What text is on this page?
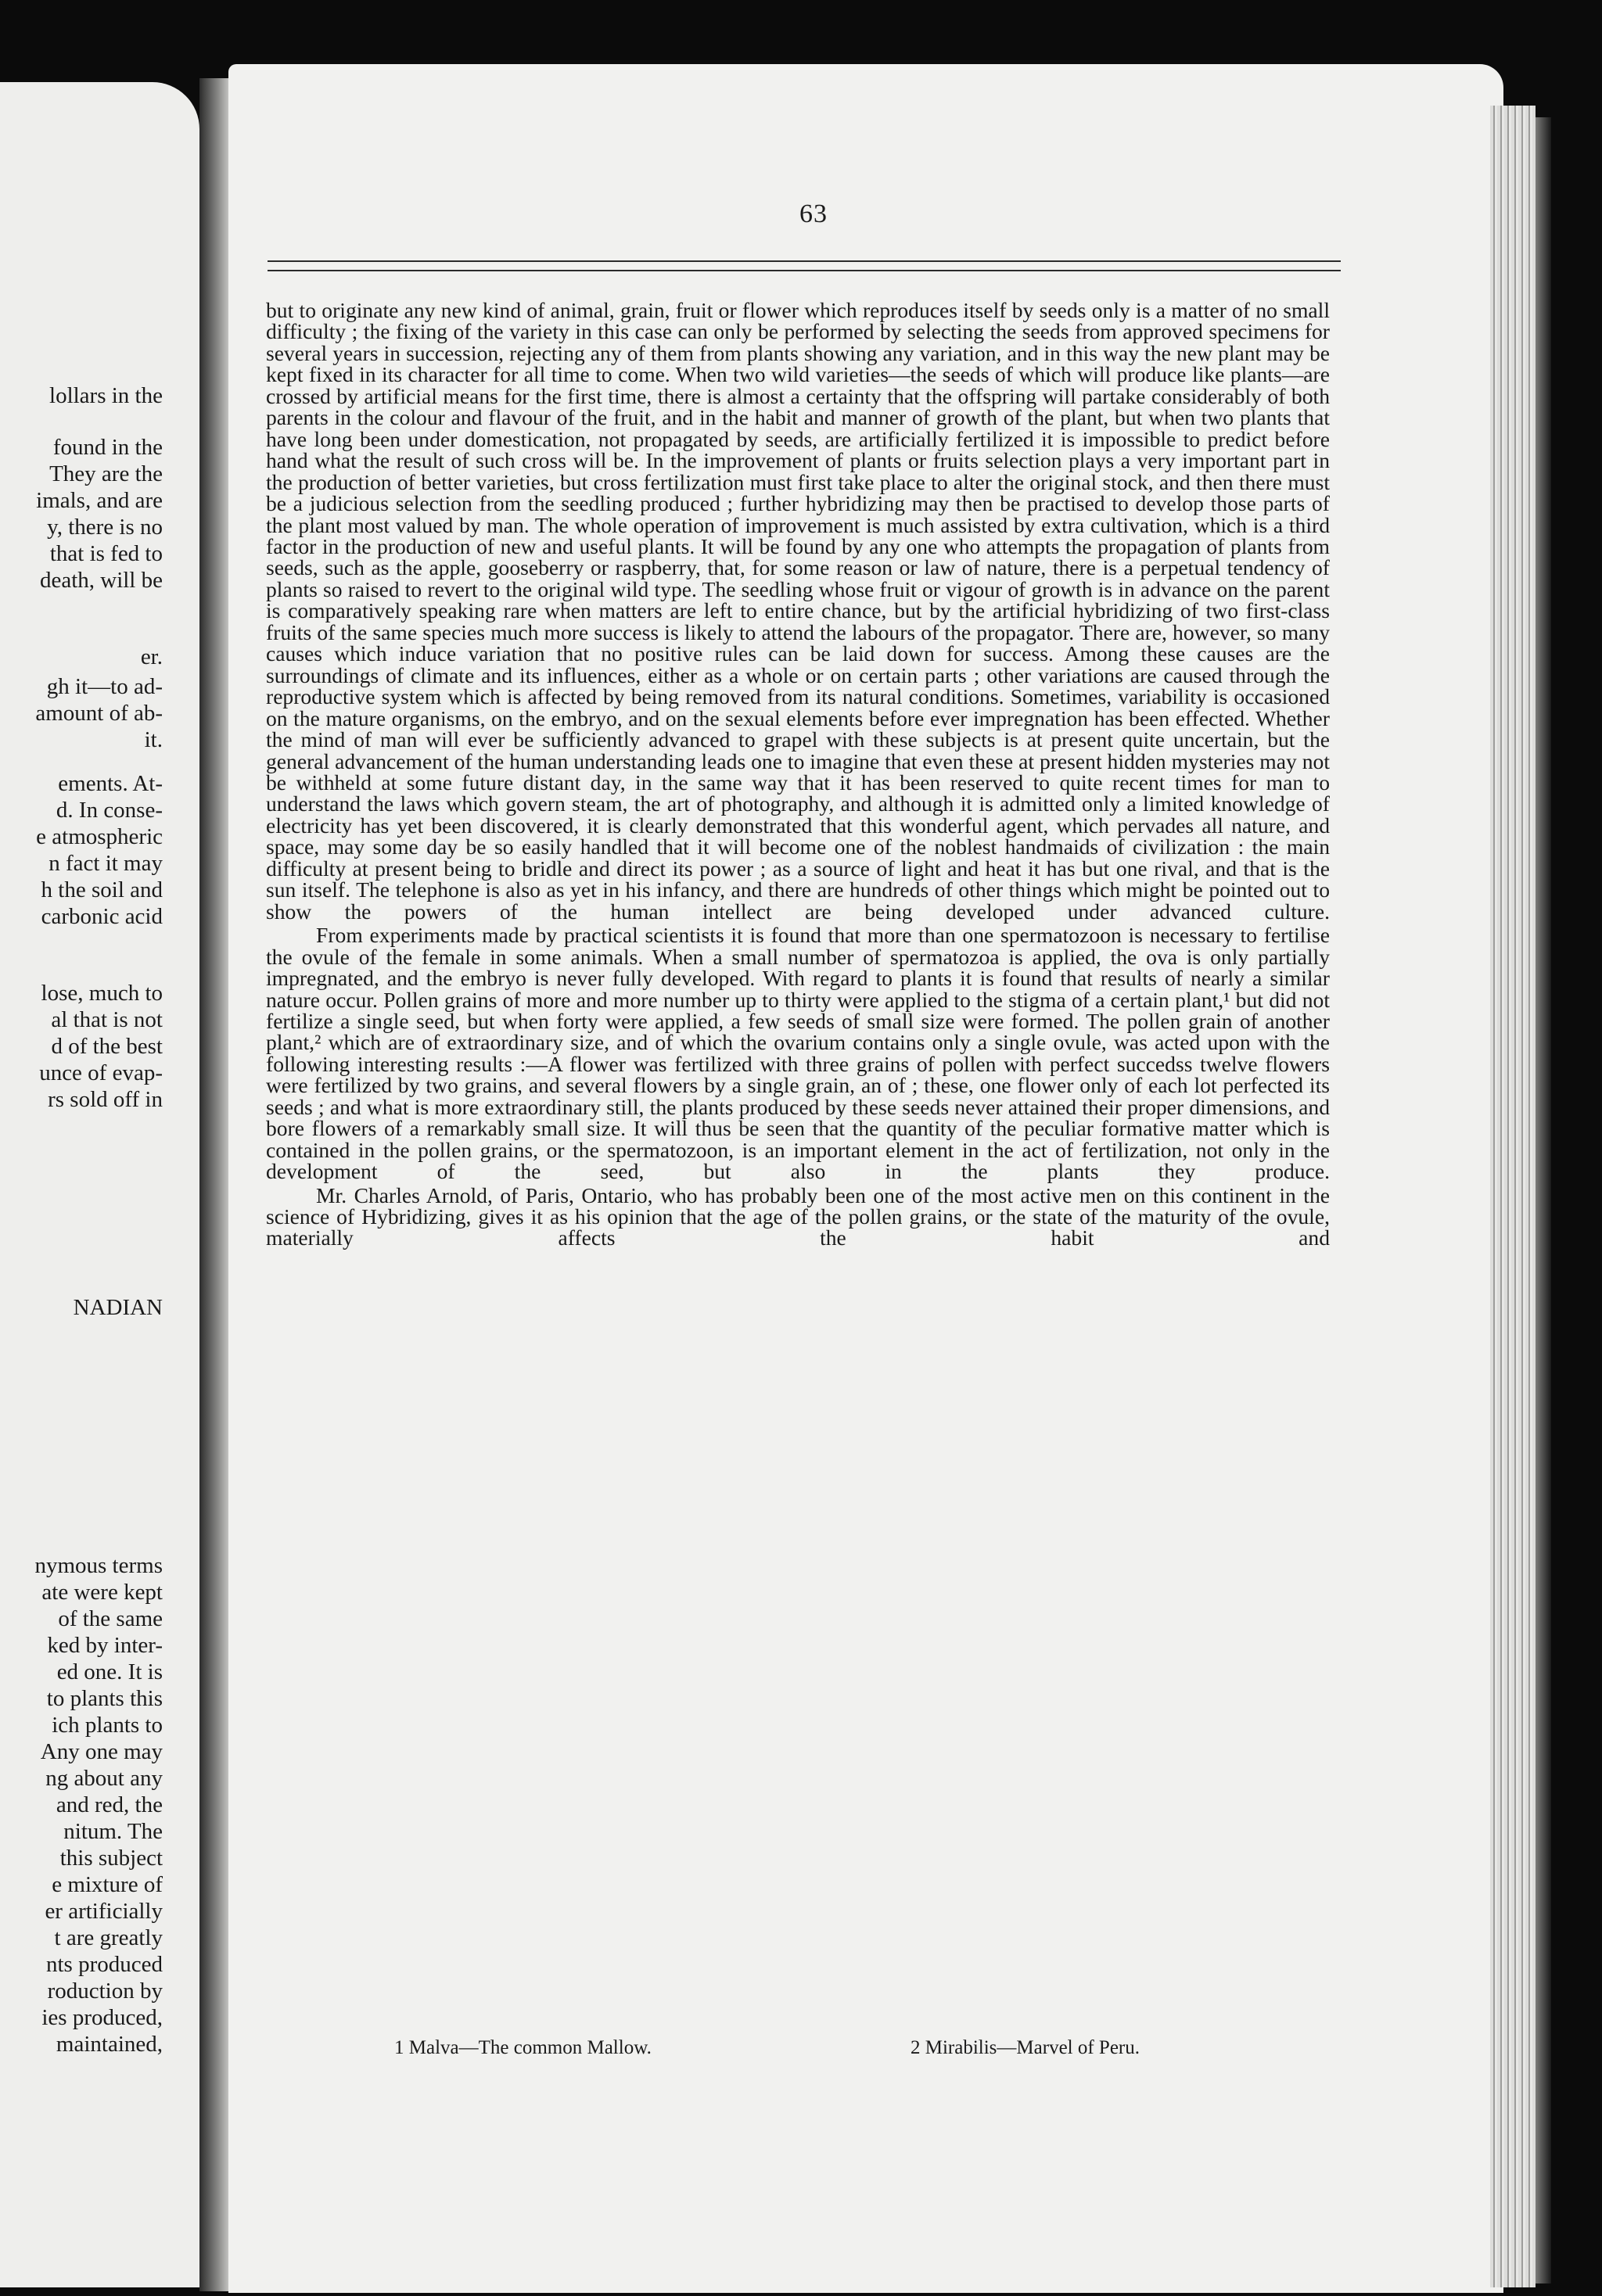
lollars in the
found in the
They are the
imals, and are
y, there is no
that is fed to
death, will be
er.
gh it—to ad-
amount of ab-
it.
ements. At-
d. In conse-
e atmospheric
n fact it may
h the soil and
carbonic acid
lose, much to
al that is not
d of the best
unce of evap-
rs sold off in
NADIAN
nymous terms
ate were kept
of the same
ked by inter-
ed one. It is
to plants this
ich plants to
Any one may
ng about any
and red, the
nitum. The
this subject
e mixture of
er artificially
t are greatly
nts produced
roduction by
ies produced,
maintained,
63

but to originate any new kind of animal, grain, fruit or flower which reproduces itself by seeds only is a matter of no small difficulty ; the fixing of the variety in this case can only be performed by selecting the seeds from approved specimens for several years in succession, rejecting any of them from plants showing any variation, and in this way the new plant may be kept fixed in its character for all time to come. When two wild varieties—the seeds of which will produce like plants—are crossed by artificial means for the first time, there is almost a certainty that the offspring will partake considerably of both parents in the colour and flavour of the fruit, and in the habit and manner of growth of the plant, but when two plants that have long been under domestication, not propagated by seeds, are artificially fertilized it is impossible to predict before hand what the result of such cross will be. In the improvement of plants or fruits selection plays a very important part in the production of better varieties, but cross fertilization must first take place to alter the original stock, and then there must be a judicious selection from the seedling produced ; further hybridizing may then be practised to develop those parts of the plant most valued by man. The whole operation of improvement is much assisted by extra cultivation, which is a third factor in the production of new and useful plants. It will be found by any one who attempts the propagation of plants from seeds, such as the apple, gooseberry or raspberry, that, for some reason or law of nature, there is a perpetual tendency of plants so raised to revert to the original wild type. The seedling whose fruit or vigour of growth is in advance on the parent is comparatively speaking rare when matters are left to entire chance, but by the artificial hybridizing of two first-class fruits of the same species much more success is likely to attend the labours of the propagator. There are, however, so many causes which induce variation that no positive rules can be laid down for success. Among these causes are the surroundings of climate and its influences, either as a whole or on certain parts ; other variations are caused through the reproductive system which is affected by being removed from its natural conditions. Sometimes, variability is occasioned on the mature organisms, on the embryo, and on the sexual elements before ever impregnation has been effected. Whether the mind of man will ever be sufficiently advanced to grapel with these subjects is at present quite uncertain, but the general advancement of the human understanding leads one to imagine that even these at present hidden mysteries may not be withheld at some future distant day, in the same way that it has been reserved to quite recent times for man to understand the laws which govern steam, the art of photography, and although it is admitted only a limited knowledge of electricity has yet been discovered, it is clearly demonstrated that this wonderful agent, which pervades all nature, and space, may some day be so easily handled that it will become one of the noblest handmaids of civilization : the main difficulty at present being to bridle and direct its power ; as a source of light and heat it has but one rival, and that is the sun itself. The telephone is also as yet in his infancy, and there are hundreds of other things which might be pointed out to show the powers of the human intellect are being developed under advanced culture.

From experiments made by practical scientists it is found that more than one spermatozoon is necessary to fertilise the ovule of the female in some animals. When a small number of spermatozoa is applied, the ova is only partially impregnated, and the embryo is never fully developed. With regard to plants it is found that results of nearly a similar nature occur. Pollen grains of more and more number up to thirty were applied to the stigma of a certain plant,¹ but did not fertilize a single seed, but when forty were applied, a few seeds of small size were formed. The pollen grain of another plant,² which are of extraordinary size, and of which the ovarium contains only a single ovule, was acted upon with the following interesting results :—A flower was fertilized with three grains of pollen with perfect succedss twelve flowers were fertilized by two grains, and several flowers by a single grain, an of ; these, one flower only of each lot perfected its seeds ; and what is more extraordinary still, the plants produced by these seeds never attained their proper dimensions, and bore flowers of a remarkably small size. It will thus be seen that the quantity of the peculiar formative matter which is contained in the pollen grains, or the spermatozoon, is an important element in the act of fertilization, not only in the development of the seed, but also in the plants they produce.

Mr. Charles Arnold, of Paris, Ontario, who has probably been one of the most active men on this continent in the science of Hybridizing, gives it as his opinion that the age of the pollen grains, or the state of the maturity of the ovule, materially affects the habit and

1 Malva—The common Mallow.	2 Mirabilis—Marvel of Peru.
